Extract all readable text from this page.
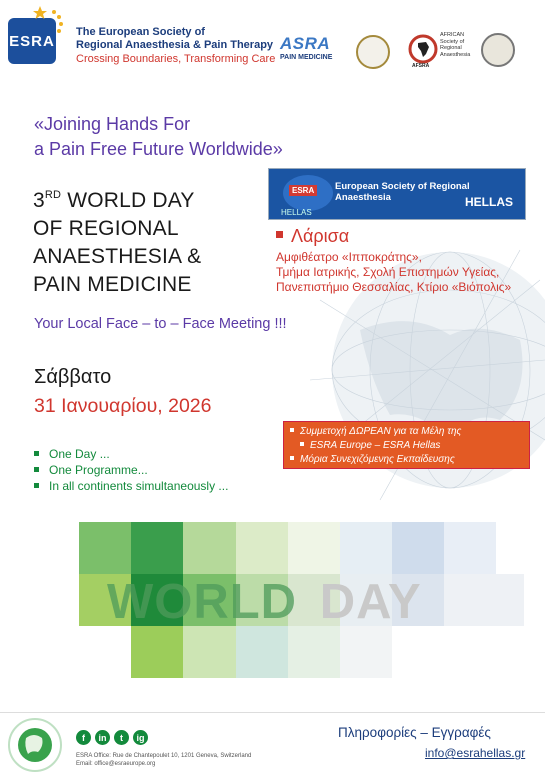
ESRA
The European Society of
Regional Anaesthesia & Pain Therapy
Crossing Boundaries, Transforming Care
ASRA
PAIN MEDICINE
AFRICAN
Society of
Regional
Anaesthesia
AFSRA
«Joining Hands For
a Pain Free Future Worldwide»
3RD WORLD DAY
OF REGIONAL
ANAESTHESIA &
PAIN MEDICINE
ESRA
HELLAS
European Society of Regional Anaesthesia	HELLAS
Λάρισα
Αμφιθέατρο «Ιπποκράτης»,
Τμήμα Ιατρικής, Σχολή Επιστημών Υγείας,
Πανεπιστήμιο Θεσσαλίας, Κτίριο «Βιόπολις»
Your Local Face – to – Face Meeting !!!
Σάββατο
31 Ιανουαρίου, 2026
One Day ...
One Programme...
In all continents simultaneously ...
Συμμετοχή ΔΩΡΕΑΝ για τα Μέλη της
ESRA Europe – ESRA Hellas
Μόρια Συνεχιζόμενης Εκπαίδευσης
WORLD DAY
f	in	t	ig
ESRA Office: Rue de Chantepoulet 10, 1201 Geneva, Switzerland
Email: office@esraeurope.org
Πληροφορίες – Εγγραφές
info@esrahellas.gr
